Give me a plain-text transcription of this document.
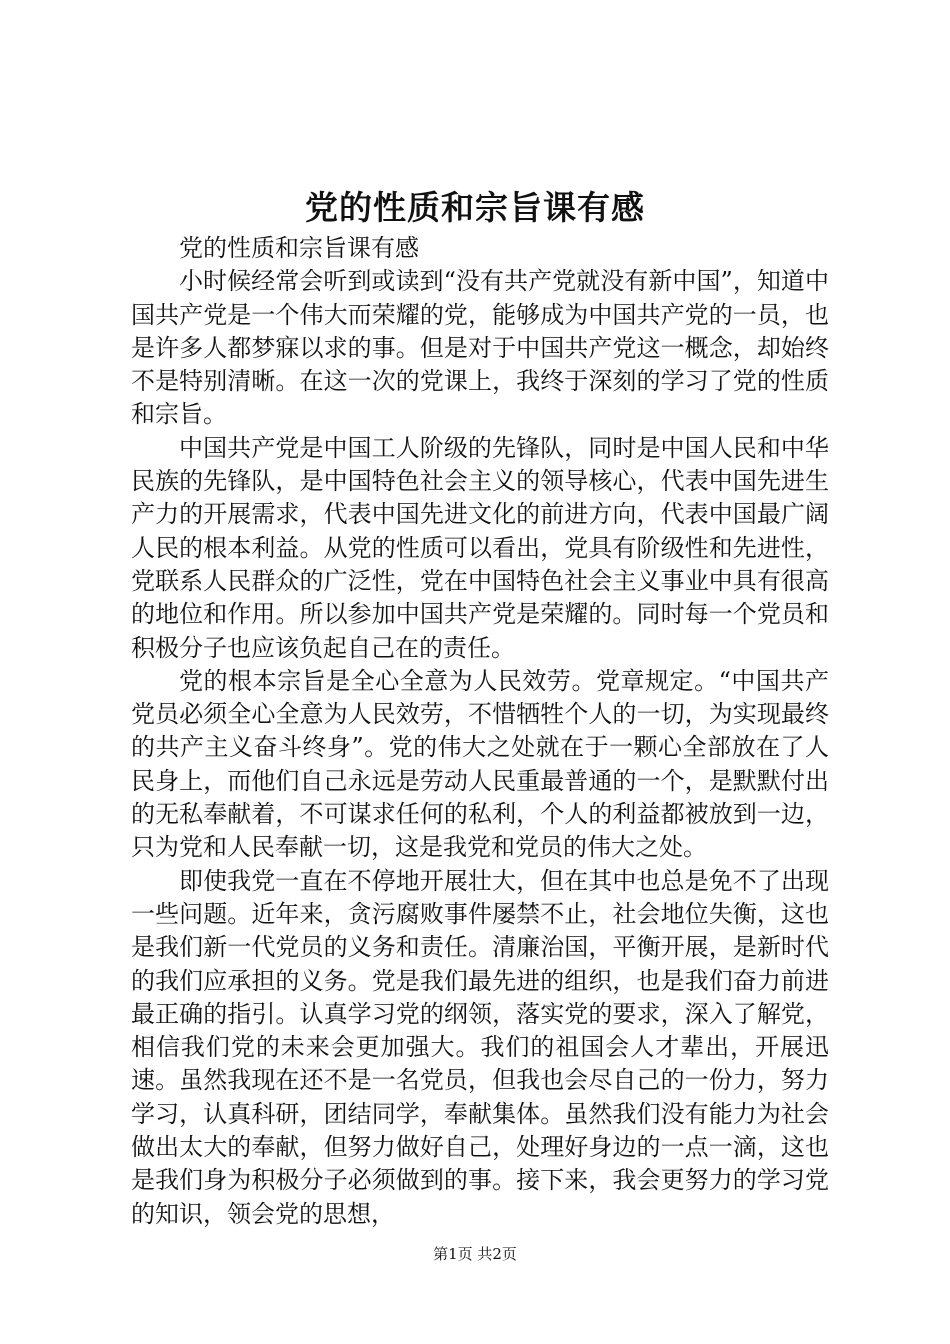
党的性质和宗旨课有感

党的性质和宗旨课有感

小时候经常会听到或读到“没有共产党就没有新中国”，知道中国共产党是一个伟大而荣耀的党，能够成为中国共产党的一员，也是许多人都梦寐以求的事。但是对于中国共产党这一概念，却始终不是特别清晰。在这一次的党课上，我终于深刻的学习了党的性质和宗旨。

中国共产党是中国工人阶级的先锋队，同时是中国人民和中华民族的先锋队，是中国特色社会主义的领导核心，代表中国先进生产力的开展需求，代表中国先进文化的前进方向，代表中国最广阔人民的根本利益。从党的性质可以看出，党具有阶级性和先进性，党联系人民群众的广泛性，党在中国特色社会主义事业中具有很高的地位和作用。所以参加中国共产党是荣耀的。同时每一个党员和积极分子也应该负起自己在的责任。

党的根本宗旨是全心全意为人民效劳。党章规定。“中国共产党员必须全心全意为人民效劳，不惜牺牲个人的一切，为实现最终的共产主义奋斗终身”。党的伟大之处就在于一颗心全部放在了人民身上，而他们自己永远是劳动人民重最普通的一个，是默默付出的无私奉献着，不可谋求任何的私利，个人的利益都被放到一边，只为党和人民奉献一切，这是我党和党员的伟大之处。

即使我党一直在不停地开展壮大，但在其中也总是免不了出现一些问题。近年来，贪污腐败事件屡禁不止，社会地位失衡，这也是我们新一代党员的义务和责任。清廉治国，平衡开展，是新时代的我们应承担的义务。党是我们最先进的组织，也是我们奋力前进最正确的指引。认真学习党的纲领，落实党的要求，深入了解党，相信我们党的未来会更加强大。我们的祖国会人才辈出，开展迅速。虽然我现在还不是一名党员，但我也会尽自己的一份力，努力学习，认真科研，团结同学，奉献集体。虽然我们没有能力为社会做出太大的奉献，但努力做好自己，处理好身边的一点一滴，这也是我们身为积极分子必须做到的事。接下来，我会更努力的学习党的知识，领会党的思想，

第1页 共2页
